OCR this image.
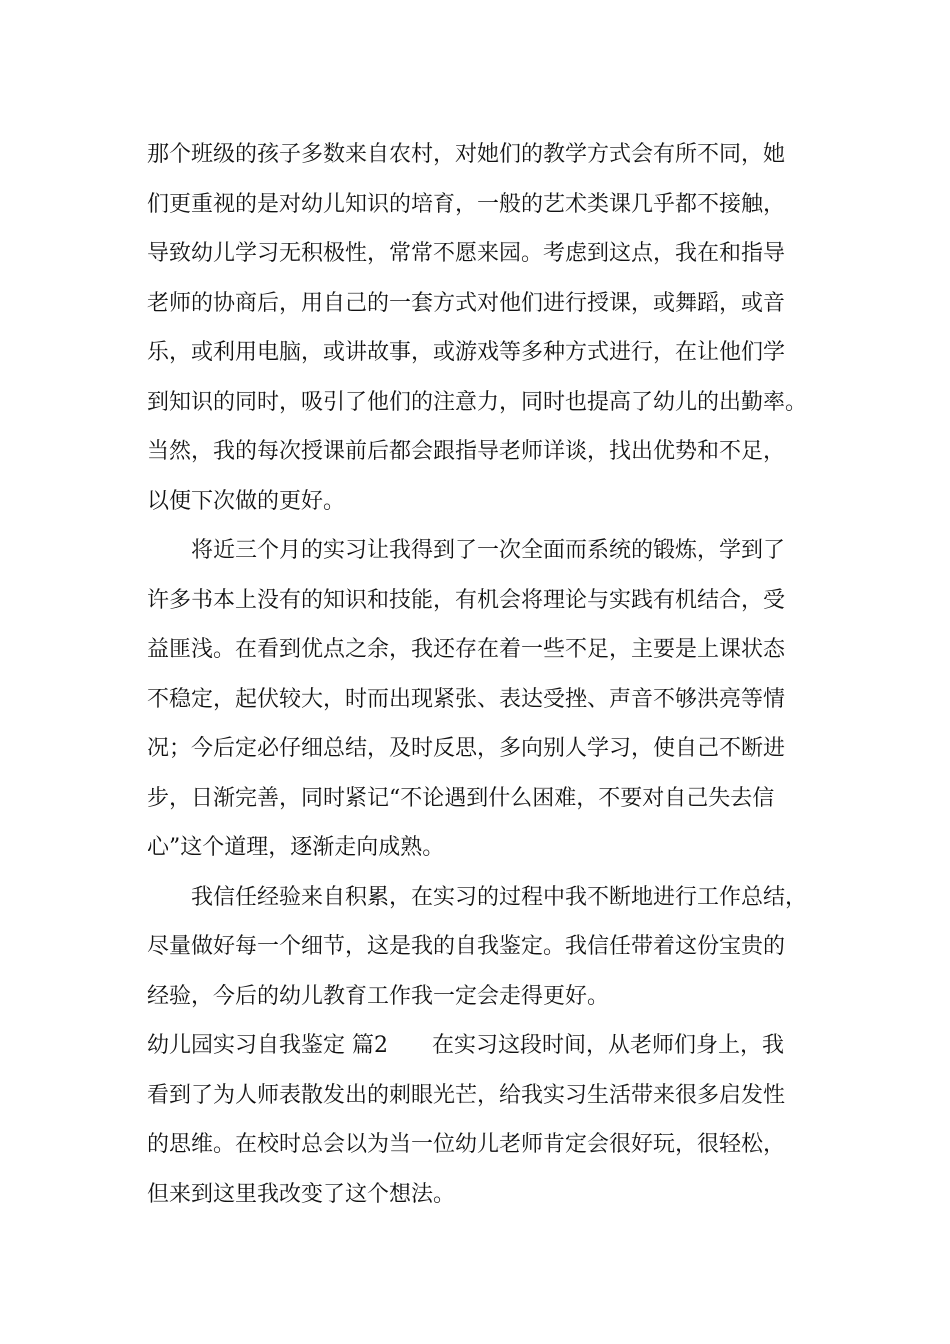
那个班级的孩子多数来自农村，对她们的教学方式会有所不同，她
们更重视的是对幼儿知识的培育，一般的艺术类课几乎都不接触，
导致幼儿学习无积极性，常常不愿来园。考虑到这点，我在和指导
老师的协商后，用自己的一套方式对他们进行授课，或舞蹈，或音
乐，或利用电脑，或讲故事，或游戏等多种方式进行，在让他们学
到知识的同时，吸引了他们的注意力，同时也提高了幼儿的出勤率。
当然，我的每次授课前后都会跟指导老师详谈，找出优势和不足，
以便下次做的更好。
将近三个月的实习让我得到了一次全面而系统的锻炼，学到了
许多书本上没有的知识和技能，有机会将理论与实践有机结合，受
益匪浅。在看到优点之余，我还存在着一些不足，主要是上课状态
不稳定，起伏较大，时而出现紧张、表达受挫、声音不够洪亮等情
况；今后定必仔细总结，及时反思，多向别人学习，使自己不断进
步，日渐完善，同时紧记“不论遇到什么困难，不要对自己失去信
心”这个道理，逐渐走向成熟。
我信任经验来自积累，在实习的过程中我不断地进行工作总结，
尽量做好每一个细节，这是我的自我鉴定。我信任带着这份宝贵的
经验，今后的幼儿教育工作我一定会走得更好。
幼儿园实习自我鉴定 篇2　　在实习这段时间，从老师们身上，我
看到了为人师表散发出的刺眼光芒，给我实习生活带来很多启发性
的思维。在校时总会以为当一位幼儿老师肯定会很好玩，很轻松，
但来到这里我改变了这个想法。
